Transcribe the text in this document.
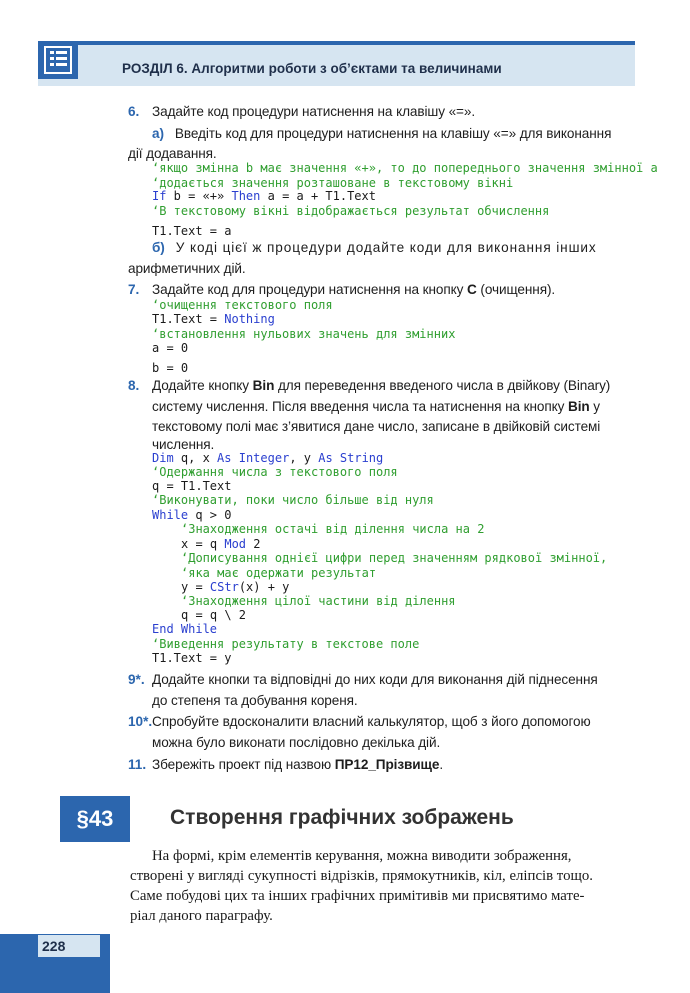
РОЗДІЛ 6. Алгоритми роботи з об’єктами та величинами
6. Задайте код процедури натиснення на клавішу «=».
а) Введіть код для процедури натиснення на клавішу «=» для виконання
дії додавання.
‘якщо змінна b має значення «+», то до попереднього значення змінної а
‘додається значення розташоване в текстовому вікні
If b = «+» Then a = a + T1.Text
‘В текстовому вікні відображається результат обчислення
T1.Text = a
б) У коді цієї ж процедури додайте коди для виконання інших
арифметичних дій.
7. Задайте код для процедури натиснення на кнопку С (очищення).
‘очищення текстового поля
T1.Text = Nothing
‘встановлення нульових значень для змінних
a = 0
b = 0
8. Додайте кнопку Bin для переведення введеного числа в двійкову (Binary)
систему числення. Після введення числа та натиснення на кнопку Bin у
текстовому полі має з’явитися дане число, записане в двійковій системі
числення.
Dim q, x As Integer, y As String
‘Одержання числа з текстового поля
q = T1.Text
‘Виконувати, поки число більше від нуля
While q > 0
‘Знаходження остачі від ділення числа на 2
x = q Mod 2
‘Дописування однієї цифри перед значенням рядкової змінної,
‘яка має одержати результат
y = CStr(x) + y
‘Знаходження цілої частини від ділення
q = q \ 2
End While
‘Виведення результату в текстове поле
T1.Text = y
9*. Додайте кнопки та відповідні до них коди для виконання дій піднесення
до степеня та добування кореня.
10*. Спробуйте вдосконалити власний калькулятор, щоб з його допомогою
можна було виконати послідовно декілька дій.
11. Збережіть проект під назвою ПР12_Прізвище.
§43	Створення графічних зображень
На формі, крім елементів керування, можна виводити зображення,
створені у вигляді сукупності відрізків, прямокутників, кіл, еліпсів тощо.
Саме побудові цих та інших графічних примітивів ми присвятимо мате-
ріал даного параграфу.
228
